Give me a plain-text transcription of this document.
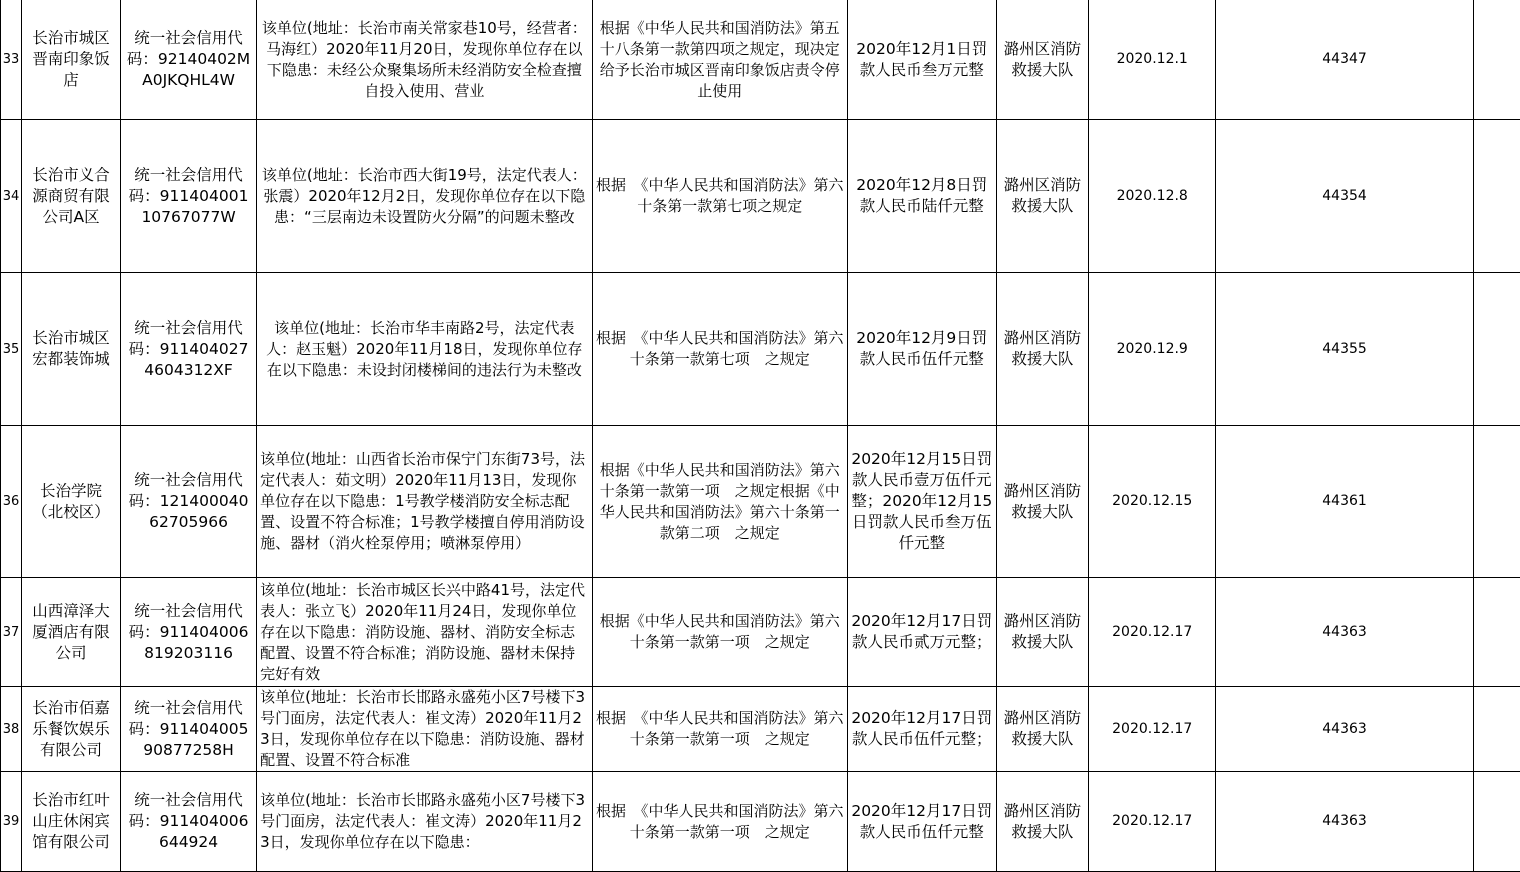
33	长治市城区晋南印象饭店	统一社会信用代码：92140402MA0JKQHL4W	该单位(地址：长治市南关常家巷10号，经营者：马海红）2020年11月20日，发现你单位存在以下隐患：未经公众聚集场所未经消防安全检查擅自投入使用、营业	根据《中华人民共和国消防法》第五十八条第一款第四项之规定，现决定给予长治市城区晋南印象饭店责令停止使用	2020年12月1日罚款人民币叁万元整	潞州区消防救援大队	2020.12.1	44347	
34	长治市义合源商贸有限公司A区	统一社会信用代码：91140400110767077W	该单位(地址：长治市西大街19号，法定代表人：张震）2020年12月2日，发现你单位存在以下隐患：“三层南边未设置防火分隔”的问题未整改	根据　《中华人民共和国消防法》第六十条第一款第七项之规定	2020年12月8日罚款人民币陆仟元整	潞州区消防救援大队	2020.12.8	44354	
35	长治市城区宏都装饰城	统一社会信用代码：9114040274604312XF	该单位(地址：长治市华丰南路2号，法定代表人：赵玉魁）2020年11月18日，发现你单位存在以下隐患：未设封闭楼梯间的违法行为未整改	根据　《中华人民共和国消防法》第六十条第一款第七项　之规定	2020年12月9日罚款人民币伍仟元整	潞州区消防救援大队	2020.12.9	44355	
36	长治学院（北校区）	统一社会信用代码：12140004062705966	该单位(地址：山西省长治市保宁门东街73号，法定代表人：茹文明）2020年11月13日，发现你单位存在以下隐患：1号教学楼消防安全标志配置、设置不符合标准；1号教学楼擅自停用消防设施、器材（消火栓泵停用；喷淋泵停用）	根据《中华人民共和国消防法》第六十条第一款第一项　之规定根据《中华人民共和国消防法》第六十条第一款第二项　之规定	2020年12月15日罚款人民币壹万伍仟元整；2020年12月15日罚款人民币叁万伍仟元整	潞州区消防救援大队	2020.12.15	44361	
37	山西漳泽大厦酒店有限公司	统一社会信用代码：911404006819203116	该单位(地址：长治市城区长兴中路41号，法定代表人：张立飞）2020年11月24日，发现你单位存在以下隐患：消防设施、器材、消防安全标志配置、设置不符合标准；消防设施、器材未保持完好有效	根据《中华人民共和国消防法》第六十条第一款第一项　之规定	2020年12月17日罚款人民币贰万元整；	潞州区消防救援大队	2020.12.17	44363	
38	长治市佰嘉乐餐饮娱乐有限公司	统一社会信用代码：91140400590877258H	该单位(地址：长治市长邯路永盛苑小区7号楼下3号门面房，法定代表人：崔文涛）2020年11月23日，发现你单位存在以下隐患：消防设施、器材配置、设置不符合标准	根据　《中华人民共和国消防法》第六十条第一款第一项　之规定	2020年12月17日罚款人民币伍仟元整；	潞州区消防救援大队	2020.12.17	44363	
39	长治市红叶山庄休闲宾馆有限公司	统一社会信用代码：911404006644924	该单位(地址：长治市长邯路永盛苑小区7号楼下3号门面房，法定代表人：崔文涛）2020年11月23日，发现你单位存在以下隐患：	根据　《中华人民共和国消防法》第六十条第一款第一项　之规定	2020年12月17日罚款人民币伍仟元整	潞州区消防救援大队	2020.12.17	44363	
